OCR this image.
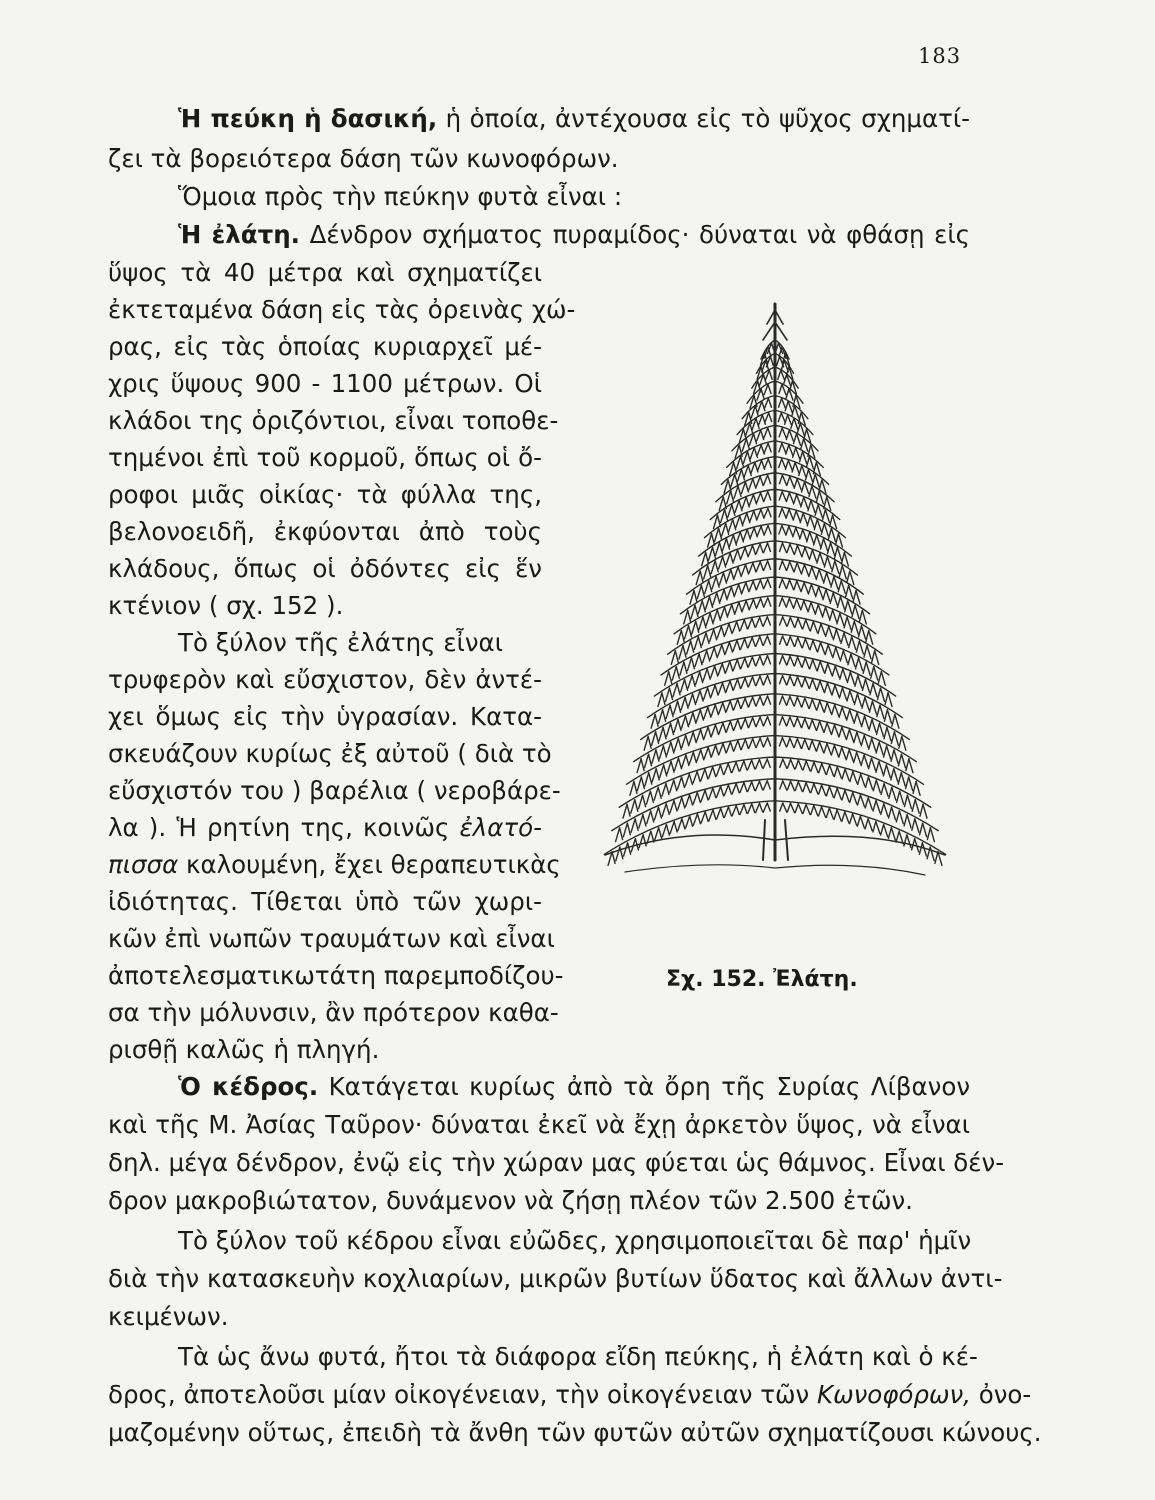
183
Ἡ πεύκη ἡ δασική, ἡ ὁποία, ἀντέχουσα εἰς τὸ ψῦχος σχηματί-
ζει τὰ βορειότερα δάση τῶν κωνοφόρων.
Ὅμοια πρὸς τὴν πεύκην φυτὰ εἶναι :
Ἡ ἐλάτη. Δένδρον σχήματος πυραμίδος· δύναται νὰ φθάσῃ εἰς
ὕψος τὰ 40 μέτρα καὶ σχηματίζει
ἐκτεταμένα δάση εἰς τὰς ὀρεινὰς χώ-
ρας, εἰς τὰς ὁποίας κυριαρχεῖ μέ-
χρις ὕψους 900 - 1100 μέτρων. Οἱ
κλάδοι της ὁριζόντιοι, εἶναι τοποθε-
τημένοι ἐπὶ τοῦ κορμοῦ, ὅπως οἱ ὄ-
ροφοι μιᾶς οἰκίας· τὰ φύλλα της,
βελονοειδῆ, ἐκφύονται ἀπὸ τοὺς
κλάδους, ὅπως οἱ ὀδόντες εἰς ἕν
κτένιον ( σχ. 152 ).
Τὸ ξύλον τῆς ἐλάτης εἶναι
τρυφερὸν καὶ εὔσχιστον, δὲν ἀντέ-
χει ὅμως εἰς τὴν ὑγρασίαν. Κατα-
σκευάζουν κυρίως ἐξ αὐτοῦ ( διὰ τὸ
εὔσχιστόν του ) βαρέλια ( νεροβάρε-
λα ). Ἡ ρητίνη της, κοινῶς ἐλατό-
πισσα καλουμένη, ἔχει θεραπευτικὰς
ἰδιότητας. Τίθεται ὑπὸ τῶν χωρι-
κῶν ἐπὶ νωπῶν τραυμάτων καὶ εἶναι
ἀποτελεσματικωτάτη παρεμποδίζου-
σα τὴν μόλυνσιν, ἂν πρότερον καθα-
ρισθῇ καλῶς ἡ πληγή.
Ὁ κέδρος. Κατάγεται κυρίως ἀπὸ τὰ ὄρη τῆς Συρίας Λίβανον
καὶ τῆς Μ. Ἀσίας Ταῦρον· δύναται ἐκεῖ νὰ ἔχῃ ἀρκετὸν ὕψος, νὰ εἶναι
δηλ. μέγα δένδρον, ἐνῷ εἰς τὴν χώραν μας φύεται ὡς θάμνος. Εἶναι δέν-
δρον μακροβιώτατον, δυνάμενον νὰ ζήσῃ πλέον τῶν 2.500 ἐτῶν.
Τὸ ξύλον τοῦ κέδρου εἶναι εὐῶδες, χρησιμοποιεῖται δὲ παρ' ἡμῖν
διὰ τὴν κατασκευὴν κοχλιαρίων, μικρῶν βυτίων ὕδατος καὶ ἄλλων ἀντι-
κειμένων.
Τὰ ὡς ἄνω φυτά, ἤτοι τὰ διάφορα εἴδη πεύκης, ἡ ἐλάτη καὶ ὁ κέ-
δρος, ἀποτελοῦσι μίαν οἰκογένειαν, τὴν οἰκογένειαν τῶν Κωνοφόρων, ὀνο-
μαζομένην οὕτως, ἐπειδὴ τὰ ἄνθη τῶν φυτῶν αὐτῶν σχηματίζουσι κώνους.
Σχ. 152. Ἐλάτη.
